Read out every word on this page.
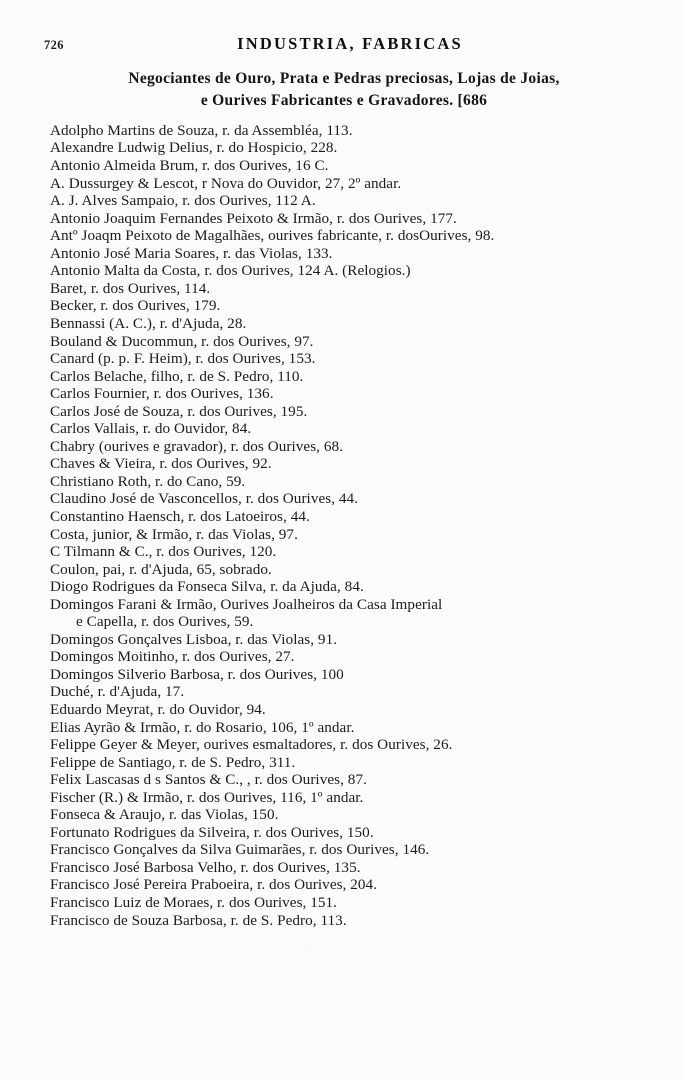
726	INDUSTRIA, FABRICAS
Negociantes de Ouro, Prata e Pedras preciosas, Lojas de Joias,
e Ourives Fabricantes e Gravadores. [686
Adolpho Martins de Souza, r. da Assembléa, 113.
Alexandre Ludwig Delius, r. do Hospicio, 228.
Antonio Almeida Brum, r. dos Ourives, 16 C.
A. Dussurgey & Lescot, r Nova do Ouvidor, 27, 2º andar.
A. J. Alves Sampaio, r. dos Ourives, 112 A.
Antonio Joaquim Fernandes Peixoto & Irmão, r. dos Ourives, 177.
Antº Joaqm Peixoto de Magalhães, ourives fabricante, r. dosOurives, 98.
Antonio José Maria Soares, r. das Violas, 133.
Antonio Malta da Costa, r. dos Ourives, 124 A. (Relogios.)
Baret, r. dos Ourives, 114.
Becker, r. dos Ourives, 179.
Bennassi (A. C.), r. d'Ajuda, 28.
Bouland & Ducommun, r. dos Ourives, 97.
Canard (p. p. F. Heim), r. dos Ourives, 153.
Carlos Belache, filho, r. de S. Pedro, 110.
Carlos Fournier, r. dos Ourives, 136.
Carlos José de Souza, r. dos Ourives, 195.
Carlos Vallais, r. do Ouvidor, 84.
Chabry (ourives e gravador), r. dos Ourives, 68.
Chaves & Vieira, r. dos Ourives, 92.
Christiano Roth, r. do Cano, 59.
Claudino José de Vasconcellos, r. dos Ourives, 44.
Constantino Haensch, r. dos Latoeiros, 44.
Costa, junior, & Irmão, r. das Violas, 97.
C Tilmann & C., r. dos Ourives, 120.
Coulon, pai, r. d'Ajuda, 65, sobrado.
Diogo Rodrigues da Fonseca Silva, r. da Ajuda, 84.
Domingos Farani & Irmão, Ourives Joalheiros da Casa Imperial
e Capella, r. dos Ourives, 59.
Domingos Gonçalves Lisboa, r. das Violas, 91.
Domingos Moitinho, r. dos Ourives, 27.
Domingos Silverio Barbosa, r. dos Ourives, 100
Duché, r. d'Ajuda, 17.
Eduardo Meyrat, r. do Ouvidor, 94.
Elias Ayrão & Irmão, r. do Rosario, 106, 1º andar.
Felippe Geyer & Meyer, ourives esmaltadores, r. dos Ourives, 26.
Felippe de Santiago, r. de S. Pedro, 311.
Felix Lascasas d s Santos & C., , r. dos Ourives, 87.
Fischer (R.) & Irmão, r. dos Ourives, 116, 1º andar.
Fonseca & Araujo, r. das Violas, 150.
Fortunato Rodrigues da Silveira, r. dos Ourives, 150.
Francisco Gonçalves da Silva Guimarães, r. dos Ourives, 146.
Francisco José Barbosa Velho, r. dos Ourives, 135.
Francisco José Pereira Praboeira, r. dos Ourives, 204.
Francisco Luiz de Moraes, r. dos Ourives, 151.
Francisco de Souza Barbosa, r. de S. Pedro, 113.
